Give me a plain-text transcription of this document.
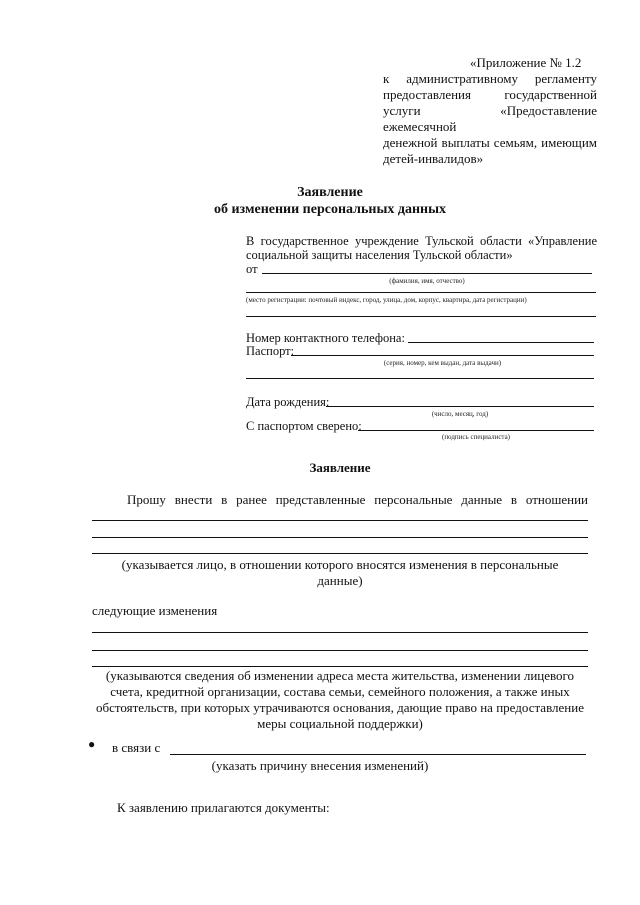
«Приложение № 1.2
к административному регламенту
предоставления государственной
услуги «Предоставление ежемесячной
денежной выплаты семьям, имеющим
детей-инвалидов»
Заявление
об изменении персональных данных
В государственное учреждение Тульской области «Управление
социальной защиты населения Тульской области»
от
(фамилия, имя, отчество)
(место регистрации: почтовый индекс, город, улица, дом, корпус, квартира, дата регистрации)
Номер контактного телефона:
Паспорт:
(серия, номер, кем выдан, дата выдачи)
Дата рождения:
(число, месяц, год)
С паспортом сверено:
(подпись специалиста)
Заявление
Прошу внести в ранее представленные персональные данные в отношении
(указывается лицо, в отношении которого вносятся изменения в персональные
данные)
следующие изменения
(указываются сведения об изменении адреса места жительства, изменении лицевого
счета, кредитной организации, состава семьи, семейного положения, а также иных
обстоятельств, при которых утрачиваются основания, дающие право на предоставление
меры социальной поддержки)
● в связи с
(указать причину внесения изменений)
К заявлению прилагаются документы:
